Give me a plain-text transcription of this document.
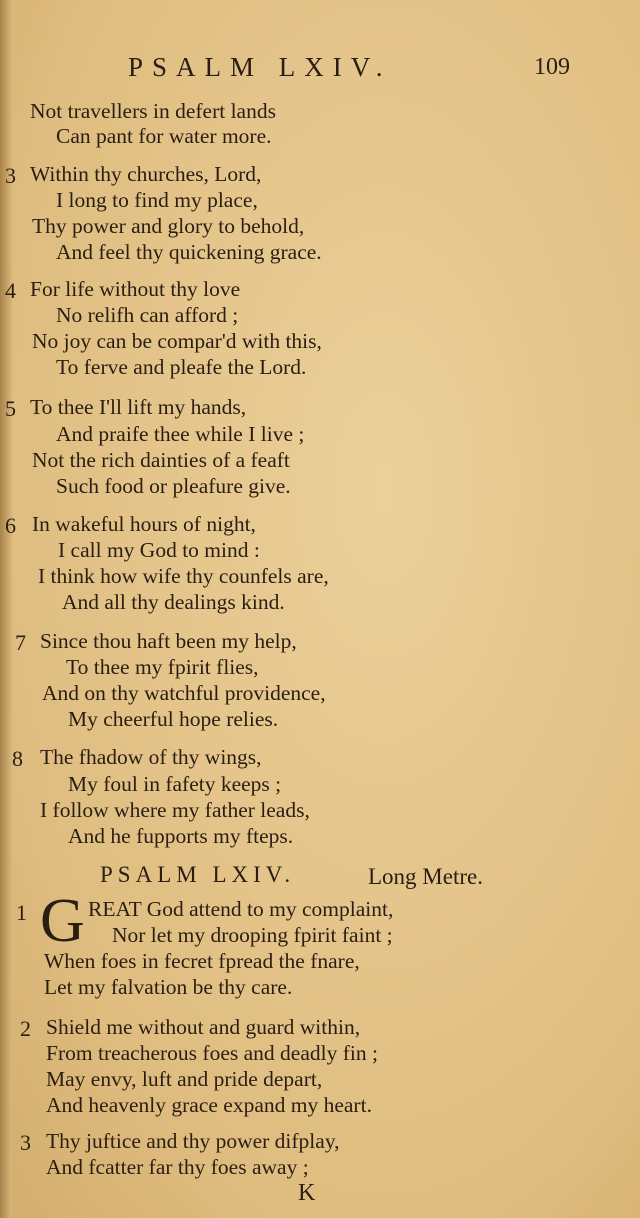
PSALM LXIV.	109
Not travellers in defert lands
Can pant for water more.
3 Within thy churches, Lord,
I long to find my place,
Thy power and glory to behold,
And feel thy quickening grace.
4 For life without thy love
No relifh can afford ;
No joy can be compar'd with this,
To ferve and pleafe the Lord.
5 To thee I'll lift my hands,
And praife thee while I live ;
Not the rich dainties of a feaft
Such food or pleafure give.
6 In wakeful hours of night,
I call my God to mind :
I think how wife thy counfels are,
And all thy dealings kind.
7 Since thou haft been my help,
To thee my fpirit flies,
And on thy watchful providence,
My cheerful hope relies.
8 The fhadow of thy wings,
My foul in fafety keeps ;
I follow where my father leads,
And he fupports my fteps.
PSALM LXIV.	Long Metre.
1 G REAT God attend to my complaint,
Nor let my drooping fpirit faint ;
When foes in fecret fpread the fnare,
Let my falvation be thy care.
2 Shield me without and guard within,
From treacherous foes and deadly fin ;
May envy, luft and pride depart,
And heavenly grace expand my heart.
3 Thy juftice and thy power difplay,
And fcatter far thy foes away ;
K
